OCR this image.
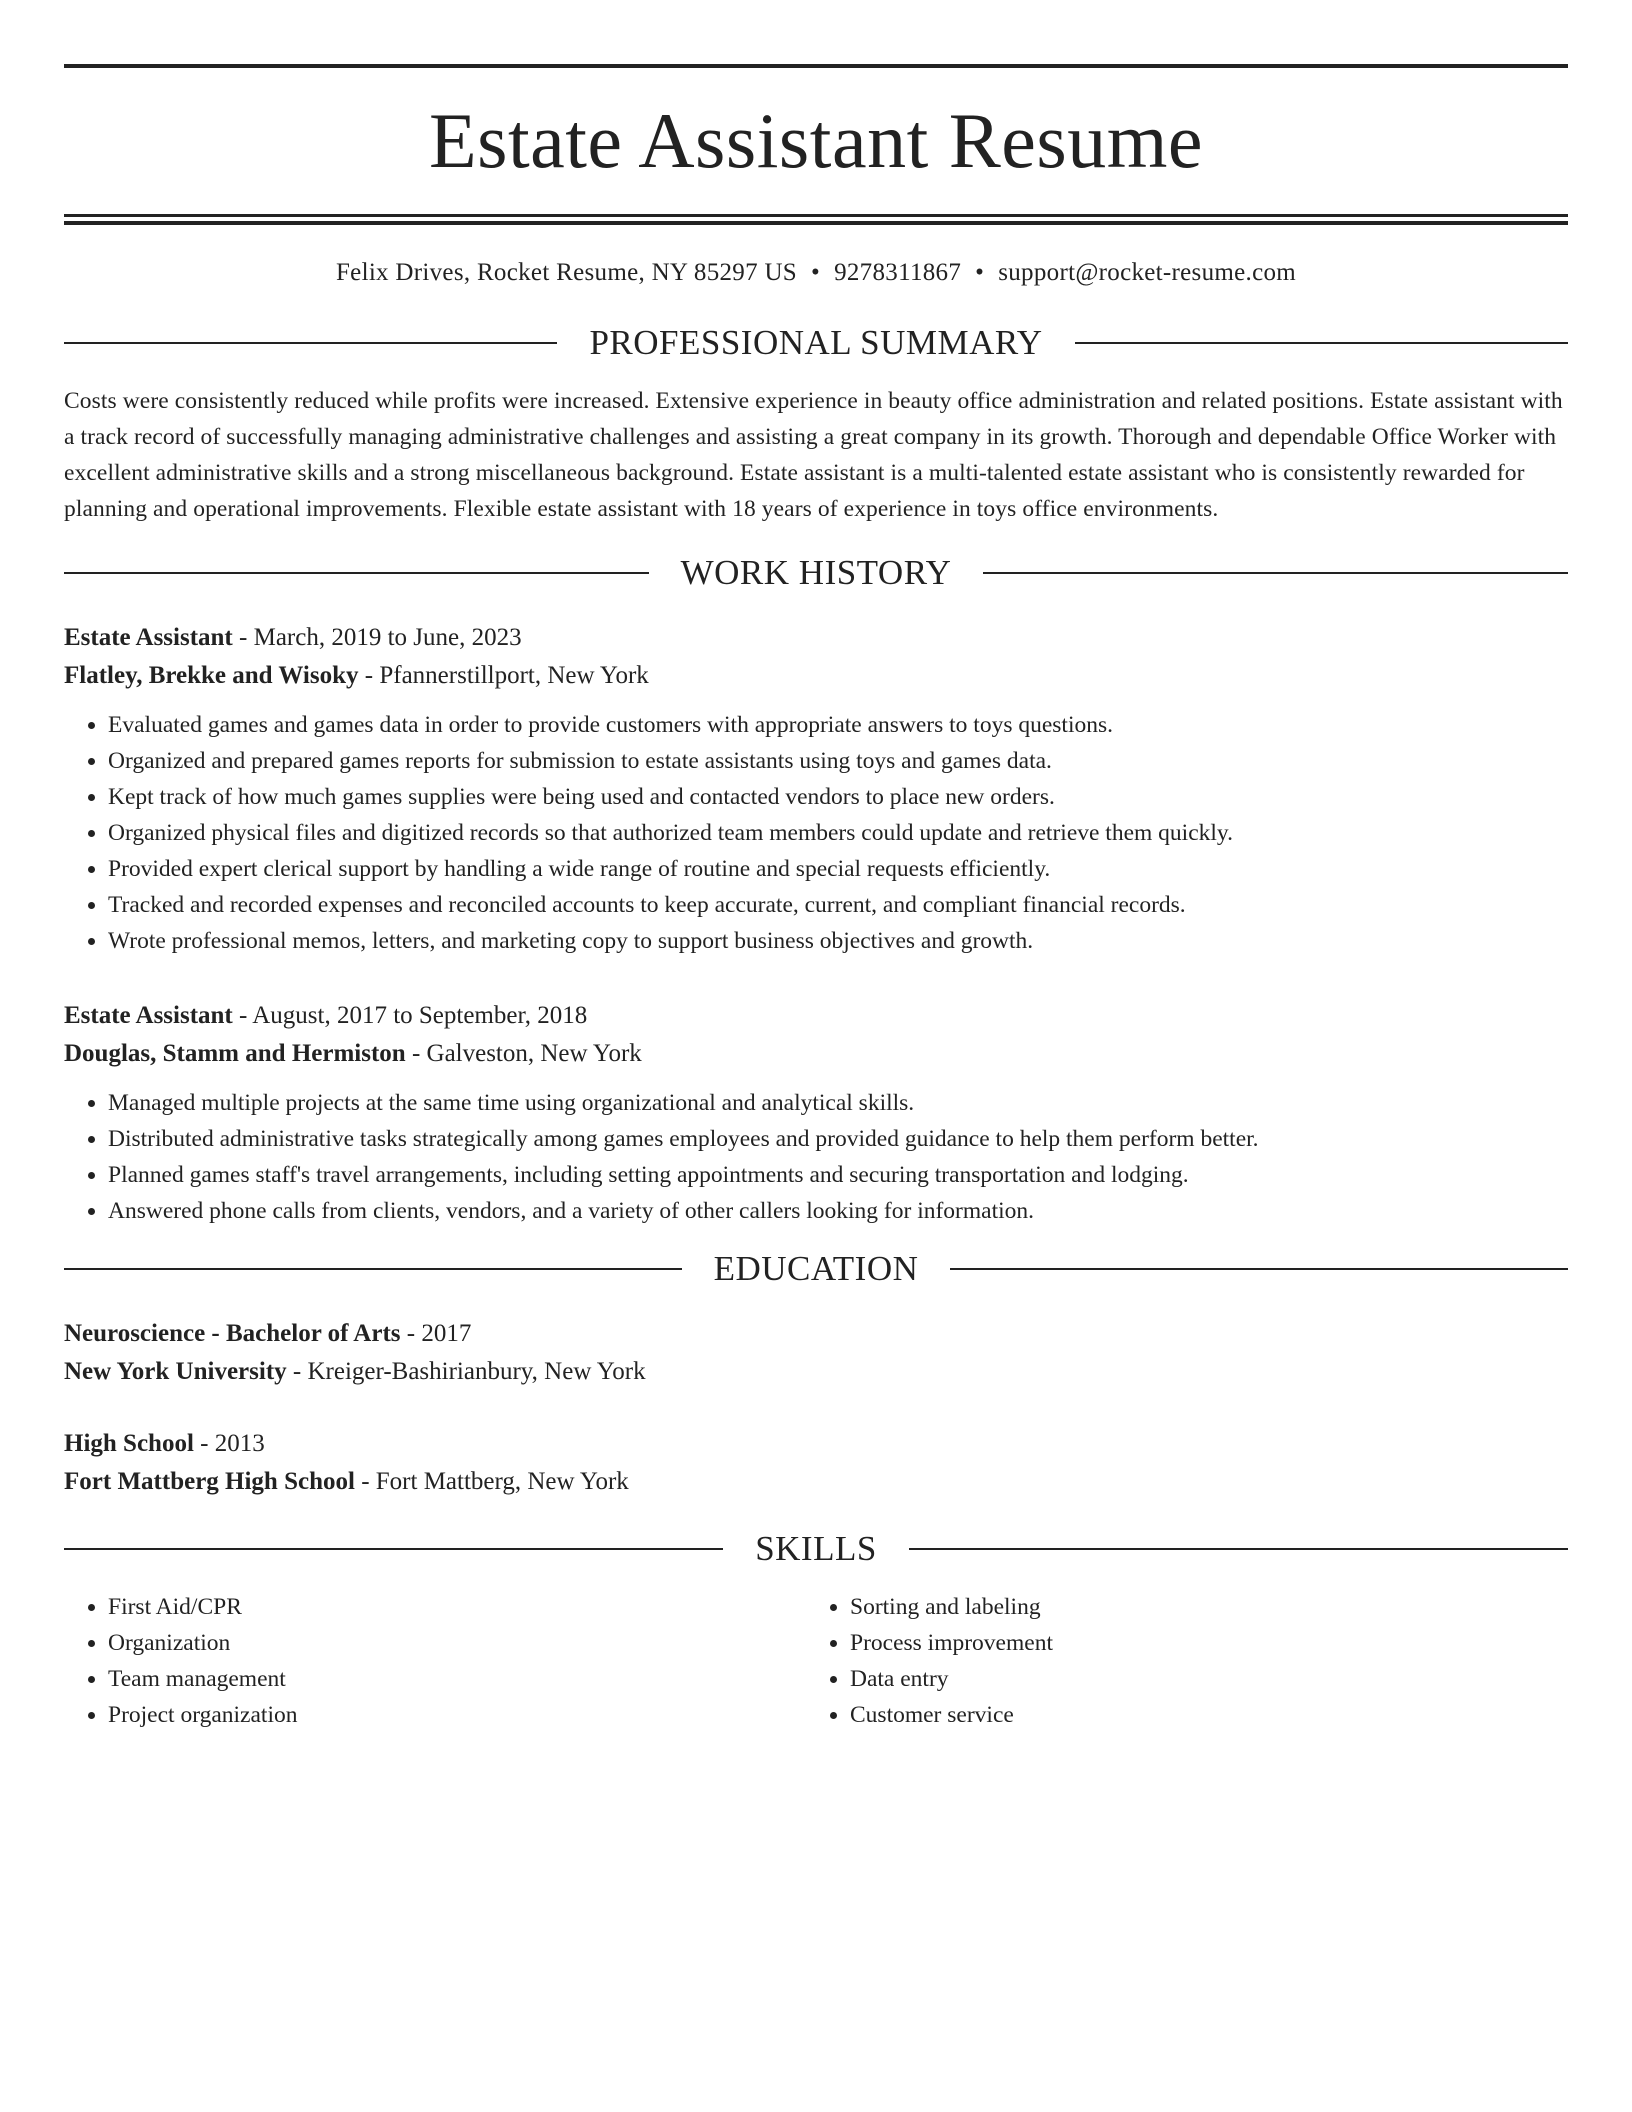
Estate Assistant Resume
Felix Drives, Rocket Resume, NY 85297 US • 9278311867 • support@rocket-resume.com
PROFESSIONAL SUMMARY
Costs were consistently reduced while profits were increased. Extensive experience in beauty office administration and related positions. Estate assistant with a track record of successfully managing administrative challenges and assisting a great company in its growth. Thorough and dependable Office Worker with excellent administrative skills and a strong miscellaneous background. Estate assistant is a multi-talented estate assistant who is consistently rewarded for planning and operational improvements. Flexible estate assistant with 18 years of experience in toys office environments.
WORK HISTORY
Estate Assistant - March, 2019 to June, 2023
Flatley, Brekke and Wisoky - Pfannerstillport, New York
• Evaluated games and games data in order to provide customers with appropriate answers to toys questions.
• Organized and prepared games reports for submission to estate assistants using toys and games data.
• Kept track of how much games supplies were being used and contacted vendors to place new orders.
• Organized physical files and digitized records so that authorized team members could update and retrieve them quickly.
• Provided expert clerical support by handling a wide range of routine and special requests efficiently.
• Tracked and recorded expenses and reconciled accounts to keep accurate, current, and compliant financial records.
• Wrote professional memos, letters, and marketing copy to support business objectives and growth.
Estate Assistant - August, 2017 to September, 2018
Douglas, Stamm and Hermiston - Galveston, New York
• Managed multiple projects at the same time using organizational and analytical skills.
• Distributed administrative tasks strategically among games employees and provided guidance to help them perform better.
• Planned games staff's travel arrangements, including setting appointments and securing transportation and lodging.
• Answered phone calls from clients, vendors, and a variety of other callers looking for information.
EDUCATION
Neuroscience - Bachelor of Arts - 2017
New York University - Kreiger-Bashirianbury, New York
High School - 2013
Fort Mattberg High School - Fort Mattberg, New York
SKILLS
• First Aid/CPR
• Organization
• Team management
• Project organization
• Sorting and labeling
• Process improvement
• Data entry
• Customer service
